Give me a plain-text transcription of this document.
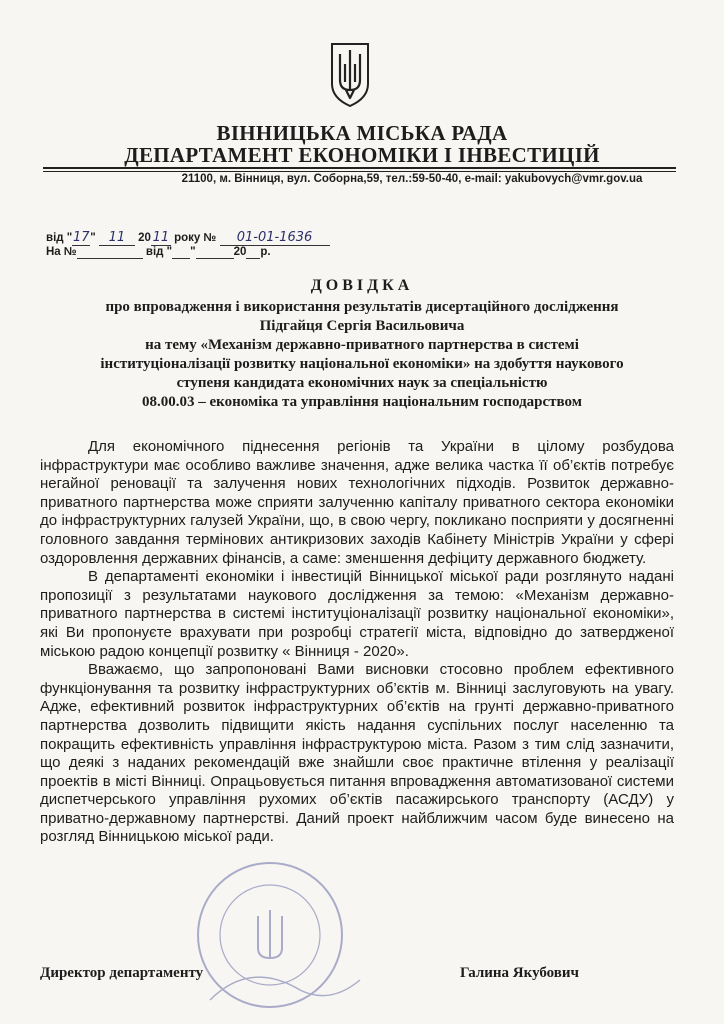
ВІННИЦЬКА МІСЬКА РАДА
ДЕПАРТАМЕНТ ЕКОНОМІКИ І ІНВЕСТИЦІЙ
21100, м. Вінниця, вул. Соборна,59, тел.:59-50-40, e-mail: yakubovych@vmr.gov.ua
від "17" 11 20 11 року № 01-01-1636
На №	від " "	20 р.
ДОВІДКА
про впровадження і використання результатів дисертаційного дослідження
Підгайця Сергія Васильовича
на тему «Механізм державно-приватного партнерства в системі
інституціоналізації розвитку національної економіки» на здобуття наукового
ступеня кандидата економічних наук за спеціальністю
08.00.03 – економіка та управління національним господарством

Для економічного піднесення регіонів та України в цілому розбудова інфраструктури має особливо важливе значення, адже велика частка її об’єктів потребує негайної реновації та залучення нових технологічних підходів. Розвиток державно-приватного партнерства може сприяти залученню капіталу приватного сектора економіки до інфраструктурних галузей України, що, в свою чергу, покликано посприяти у досягненні головного завдання термінових антикризових заходів Кабінету Міністрів України у сфері оздоровлення державних фінансів, а саме: зменшення дефіциту державного бюджету.

В департаменті економіки і інвестицій Вінницької міської ради розглянуто надані пропозиції з результатами наукового дослідження за темою: «Механізм державно-приватного партнерства в системі інституціоналізації розвитку національної економіки», які Ви пропонуєте врахувати при розробці стратегії міста, відповідно до затвердженої міською радою концепції розвитку « Вінниця - 2020».

Вважаємо, що запропоновані Вами висновки стосовно проблем ефективного функціонування та розвитку інфраструктурних об’єктів м. Вінниці заслуговують на увагу. Адже, ефективний розвиток інфраструктурних об’єктів на грунті державно-приватного партнерства дозволить підвищити якість надання суспільних послуг населенню та покращить ефективність управління інфраструктурою міста. Разом з тим слід зазначити, що деякі з наданих рекомендацій вже знайшли своє практичне втілення у реалізації проектів в місті Вінниці. Опрацьовується питання впровадження автоматизованої системи диспетчерського управління рухомих об’єктів пасажирського транспорту (АСДУ) у приватно-державному партнерстві. Даний проект найближчим часом буде винесено на розгляд Вінницькою міської ради.

Директор департаменту	Галина Якубович
